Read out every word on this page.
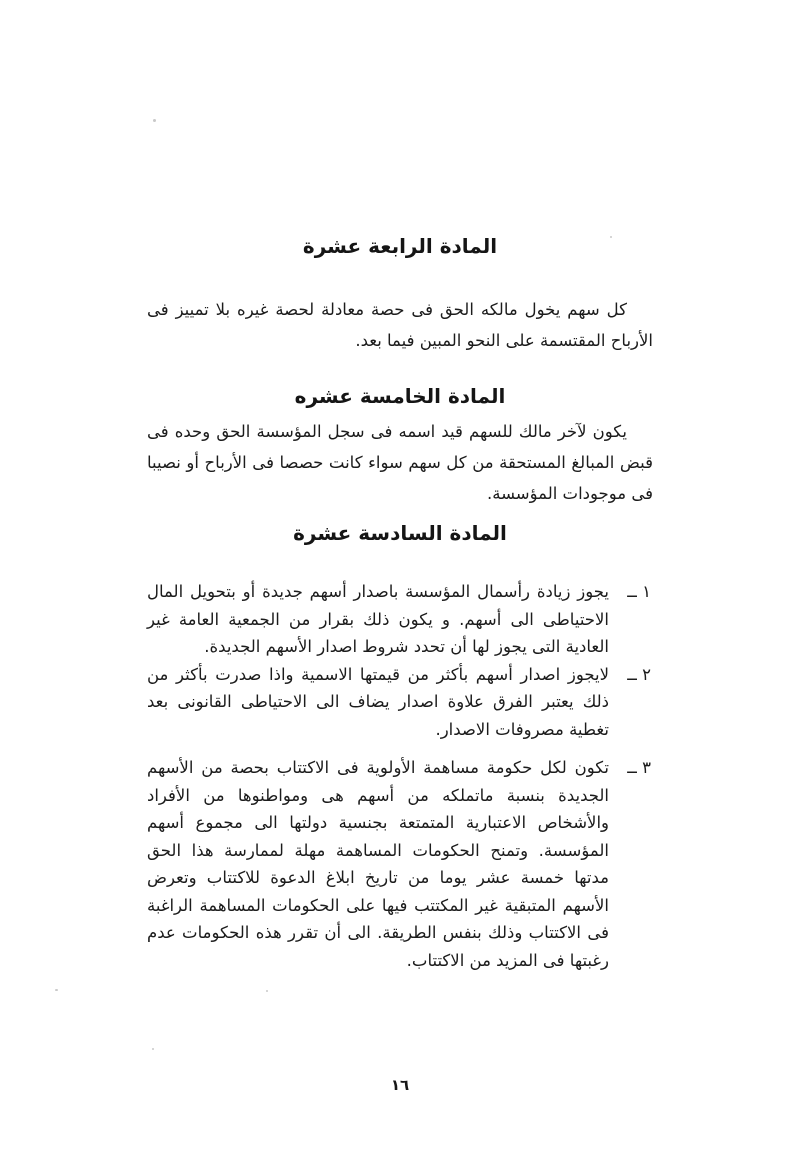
المادة الرابعة عشرة

كل سهم يخول مالكه الحق فى حصة معادلة لحصة غيره بلا تمييز فى الأرباح المقتسمة على النحو المبين فيما بعد.

المادة الخامسة عشره

يكون لآخر مالك للسهم قيد اسمه فى سجل المؤسسة الحق وحده فى قبض المبالغ المستحقة من كل سهم سواء كانت حصصا فى الأرباح أو نصيبا فى موجودات المؤسسة.

المادة السادسة عشرة
١ ــ
يجوز زيادة رأسمال المؤسسة باصدار أسهم جديدة أو بتحويل المال الاحتياطى الى أسهم. و يكون ذلك بقرار من الجمعية العامة غير العادية التى يجوز لها أن تحدد شروط اصدار الأسهم الجديدة.
٢ ــ
لايجوز اصدار أسهم بأكثر من قيمتها الاسمية واذا صدرت بأكثر من ذلك يعتبر الفرق علاوة اصدار يضاف الى الاحتياطى القانونى بعد تغطية مصروفات الاصدار.
٣ ــ
تكون لكل حكومة مساهمة الأولوية فى الاكتتاب بحصة من الأسهم الجديدة بنسبة ماتملكه من أسهم هى ومواطنوها من الأفراد والأشخاص الاعتبارية المتمتعة بجنسية دولتها الى مجموع أسهم المؤسسة. وتمنح الحكومات المساهمة مهلة لممارسة هذا الحق مدتها خمسة عشر يوما من تاريخ ابلاغ الدعوة للاكتتاب وتعرض الأسهم المتبقية غير المكتتب فيها على الحكومات المساهمة الراغبة فى الاكتتاب وذلك بنفس الطريقة. الى أن تقرر هذه الحكومات عدم رغبتها فى المزيد من الاكتتاب.
١٦
